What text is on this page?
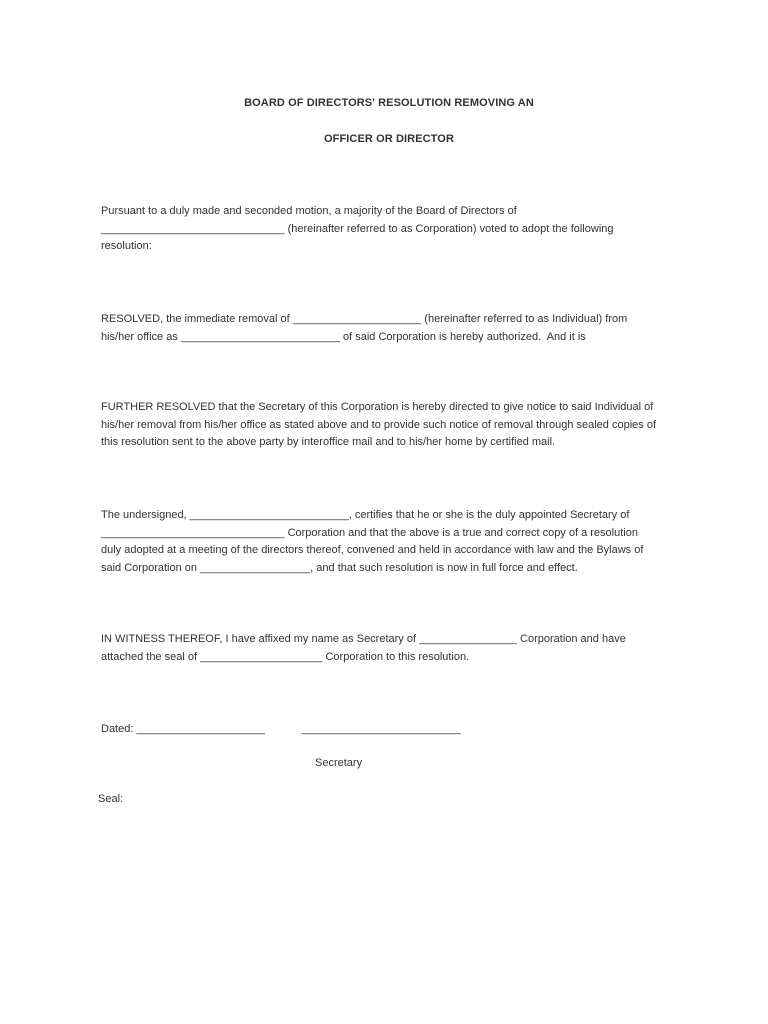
BOARD OF DIRECTORS' RESOLUTION REMOVING AN

OFFICER OR DIRECTOR

Pursuant to a duly made and seconded motion, a majority of the Board of Directors of
______________________________ (hereinafter referred to as Corporation) voted to adopt the following
resolution:
RESOLVED, the immediate removal of _____________________ (hereinafter referred to as Individual) from
his/her office as __________________________ of said Corporation is hereby authorized.  And it is
FURTHER RESOLVED that the Secretary of this Corporation is hereby directed to give notice to said Individual of
his/her removal from his/her office as stated above and to provide such notice of removal through sealed copies of
this resolution sent to the above party by interoffice mail and to his/her home by certified mail.
The undersigned, __________________________, certifies that he or she is the duly appointed Secretary of
______________________________ Corporation and that the above is a true and correct copy of a resolution
duly adopted at a meeting of the directors thereof, convened and held in accordance with law and the Bylaws of
said Corporation on __________________, and that such resolution is now in full force and effect.
IN WITNESS THEREOF, I have affixed my name as Secretary of ________________ Corporation and have
attached the seal of ____________________ Corporation to this resolution.
Dated: _____________________            __________________________

Secretary

Seal:
